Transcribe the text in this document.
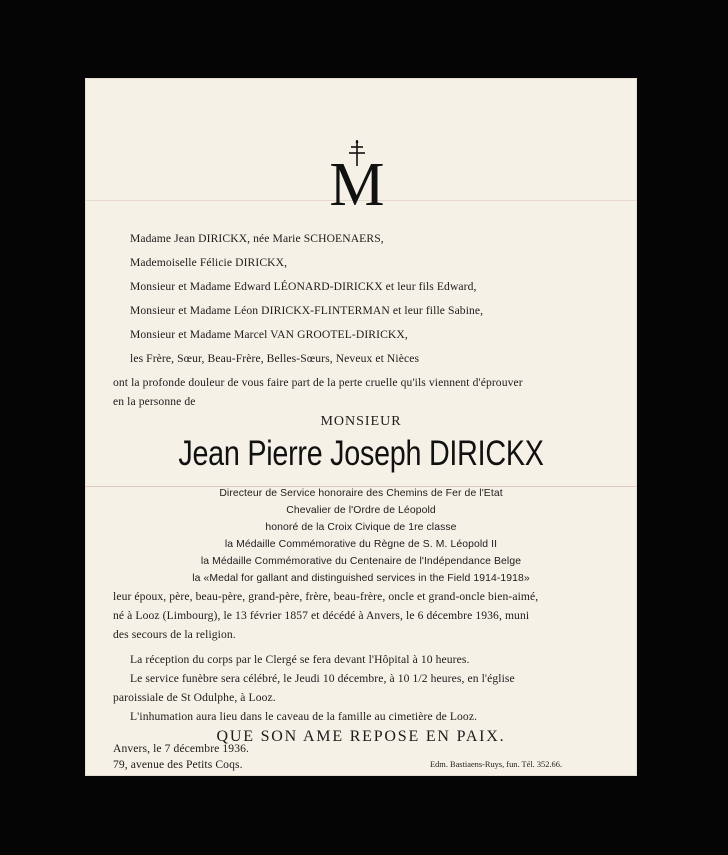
M
Madame Jean DIRICKX, née Marie SCHOENAERS,
Mademoiselle Félicie DIRICKX,
Monsieur et Madame Edward LÉONARD-DIRICKX et leur fils Edward,
Monsieur et Madame Léon DIRICKX-FLINTERMAN et leur fille Sabine,
Monsieur et Madame Marcel VAN GROOTEL-DIRICKX,
les Frère, Sœur, Beau-Frère, Belles-Sœurs, Neveux et Nièces
ont la profonde douleur de vous faire part de la perte cruelle qu'ils viennent d'éprouver
en la personne de
MONSIEUR
Jean Pierre Joseph DIRICKX
Directeur de Service honoraire des Chemins de Fer de l'Etat
Chevalier de l'Ordre de Léopold
honoré de la Croix Civique de 1re classe
la Médaille Commémorative du Règne de S. M. Léopold II
la Médaille Commémorative du Centenaire de l'Indépendance Belge
la «Medal for gallant and distinguished services in the Field 1914-1918»
leur époux, père, beau-père, grand-père, frère, beau-frère, oncle et grand-oncle bien-aimé,
né à Looz (Limbourg), le 13 février 1857 et décédé à Anvers, le 6 décembre 1936, muni
des secours de la religion.
La réception du corps par le Clergé se fera devant l'Hôpital à 10 heures.
Le service funèbre sera célébré, le Jeudi 10 décembre, à 10 1/2 heures, en l'église
paroissiale de St Odulphe, à Looz.
L'inhumation aura lieu dans le caveau de la famille au cimetière de Looz.
QUE SON AME REPOSE EN PAIX.
Anvers, le 7 décembre 1936.
79, avenue des Petits Coqs.	Edm. Bastiaens-Ruys, fun. Tél. 352.66.
